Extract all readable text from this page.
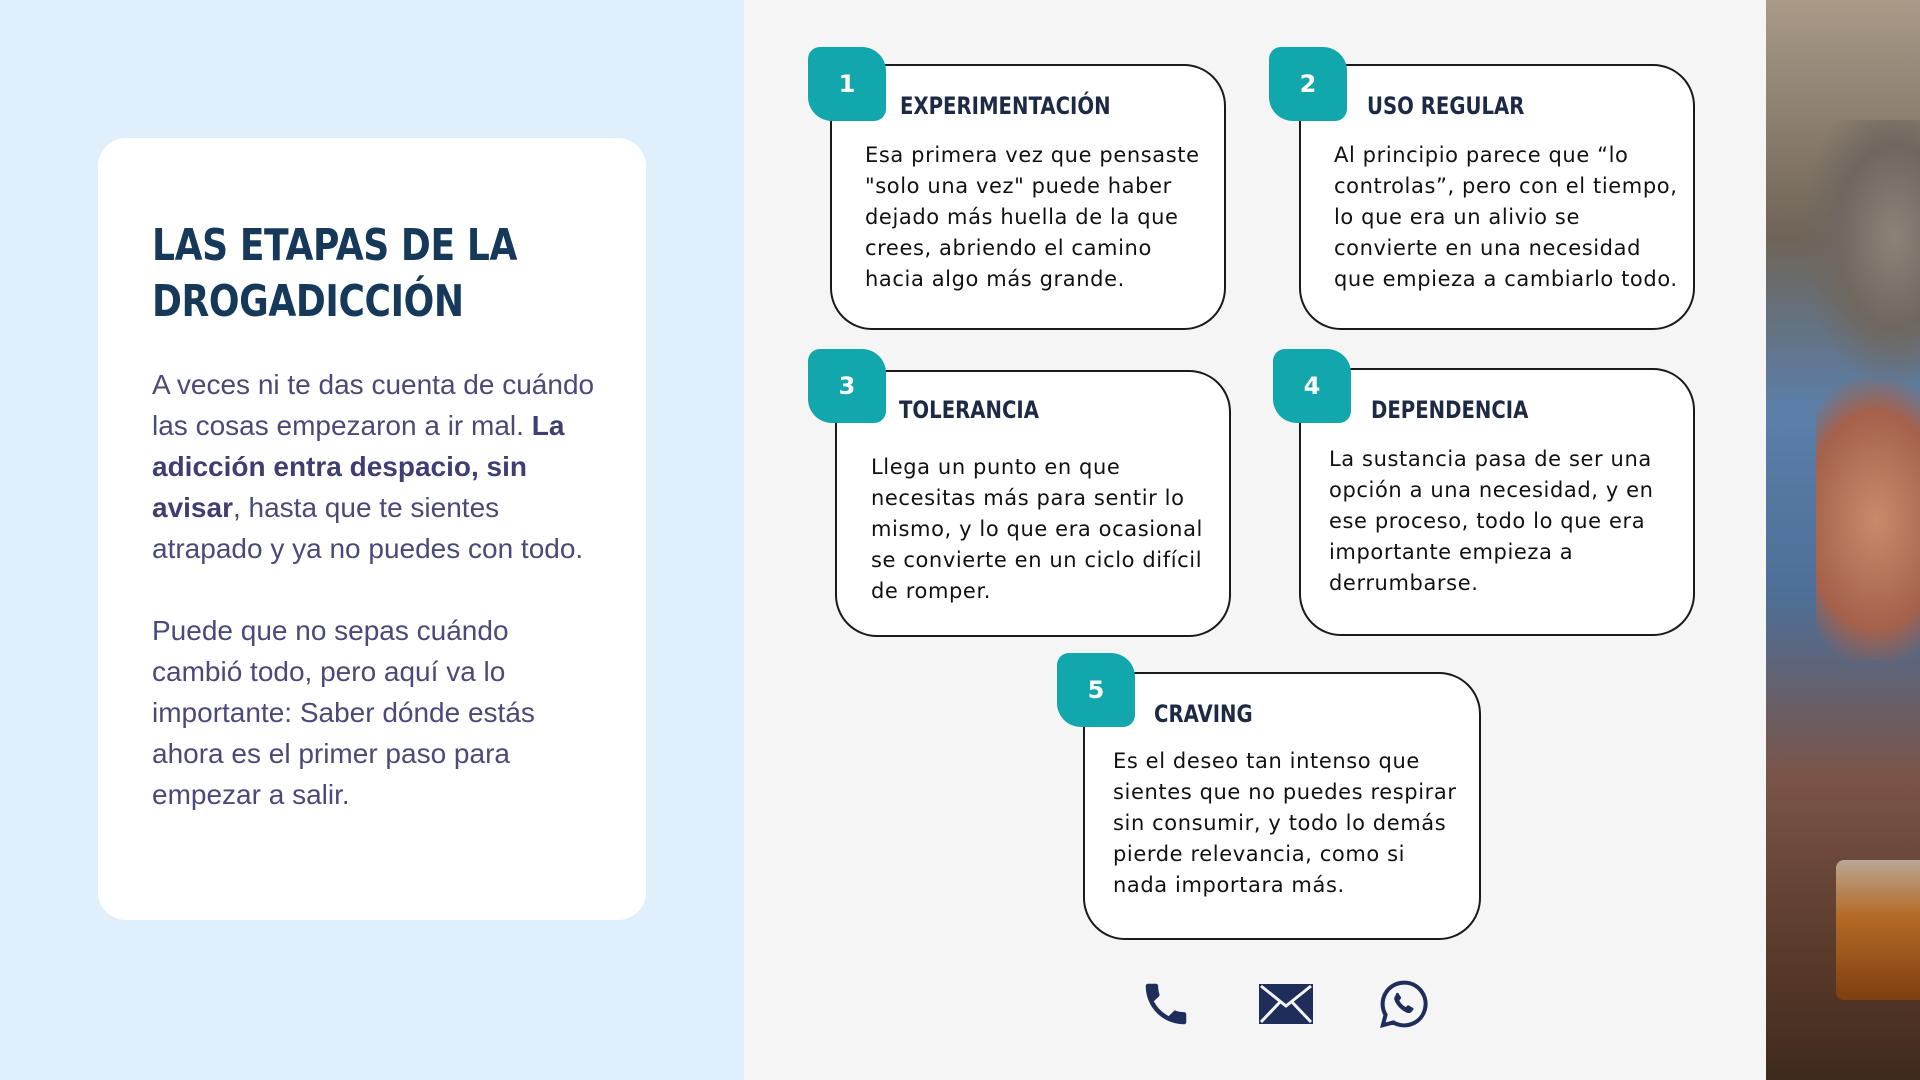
LAS ETAPAS DE LA
DROGADICCIÓN

A veces ni te das cuenta de cuándo las cosas empezaron a ir mal. La adicción entra despacio, sin avisar, hasta que te sientes atrapado y ya no puedes con todo.

Puede que no sepas cuándo cambió todo, pero aquí va lo importante: Saber dónde estás ahora es el primer paso para empezar a salir.

EXPERIMENTACIÓN
Esa primera vez que pensaste
"solo una vez" puede haber
dejado más huella de la que
crees, abriendo el camino
hacia algo más grande.
1
USO REGULAR
Al principio parece que “lo
controlas”, pero con el tiempo,
lo que era un alivio se
convierte en una necesidad
que empieza a cambiarlo todo.
2
TOLERANCIA
Llega un punto en que
necesitas más para sentir lo
mismo, y lo que era ocasional
se convierte en un ciclo difícil
de romper.
3
DEPENDENCIA
La sustancia pasa de ser una
opción a una necesidad, y en
ese proceso, todo lo que era
importante empieza a
derrumbarse.
4
CRAVING
Es el deseo tan intenso que
sientes que no puedes respirar
sin consumir, y todo lo demás
pierde relevancia, como si
nada importara más.
5
